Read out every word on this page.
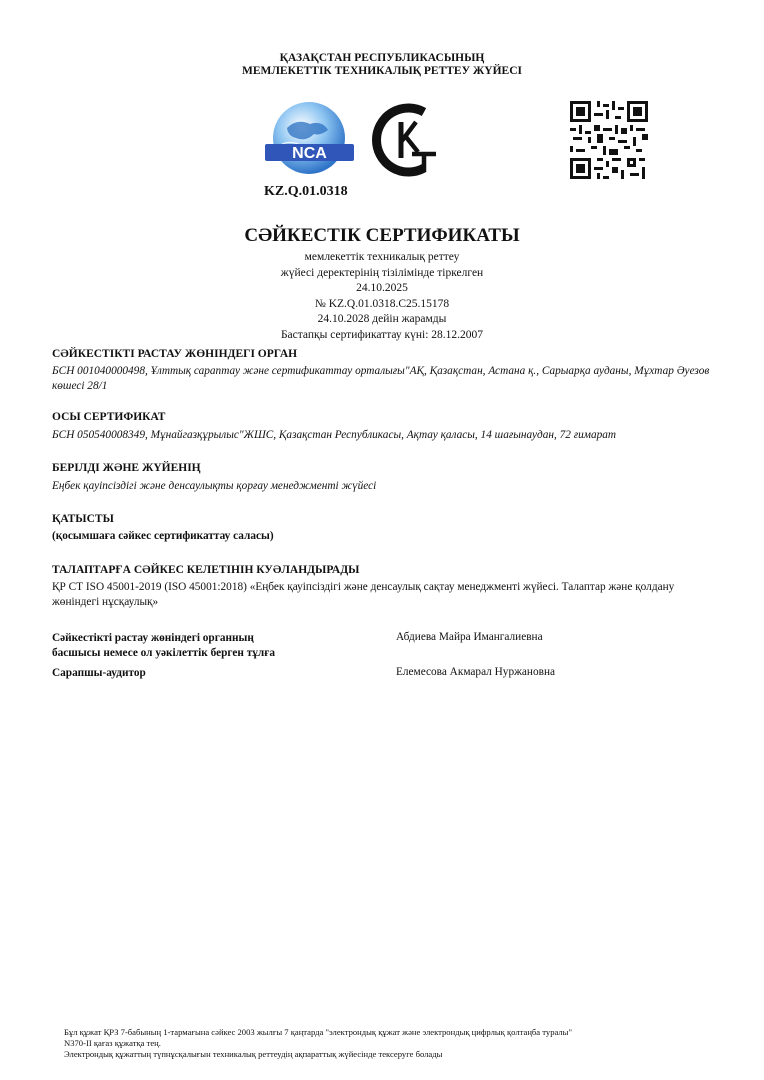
ҚАЗАҚСТАН РЕСПУБЛИКАСЫНЫҢ
МЕМЛЕКЕТТІК ТЕХНИКАЛЫҚ РЕТТЕУ ЖҮЙЕСІ
NCA
KZ.Q.01.0318
СӘЙКЕСТІК СЕРТИФИКАТЫ
мемлекеттік техникалық реттеу
жүйесі деректерінің тізілімінде тіркелген
24.10.2025
№ KZ.Q.01.0318.C25.15178
24.10.2028 дейін жарамды
Бастапқы сертификаттау күні: 28.12.2007
СӘЙКЕСТІКТІ РАСТАУ ЖӨНІНДЕГІ ОРГАН
БСН 001040000498, Ұлттық сараптау және сертификаттау орталығы"АҚ, Қазақстан, Астана қ., Сарыарқа ауданы, Мұхтар Әуезов көшесі 28/1
ОСЫ СЕРТИФИКАТ
БСН 050540008349, Мұнайгазқұрылыс"ЖШС, Қазақстан Республикасы, Ақтау қаласы, 14 шағынаудан, 72 ғимарат
БЕРІЛДІ ЖӘНЕ ЖҮЙЕНІҢ
Еңбек қауіпсіздігі және денсаулықты қорғау менеджменті жүйесі
ҚАТЫСТЫ
(қосымшаға сәйкес сертификаттау саласы)
ТАЛАПТАРҒА СӘЙКЕС КЕЛЕТІНІН КУӘЛАНДЫРАДЫ
ҚР СТ ISO 45001-2019 (ISO 45001:2018) «Еңбек қауіпсіздігі және денсаулық сақтау менеджменті жүйесі. Талаптар және қолдану жөніндегі нұсқаулық»
Сәйкестікті растау жөніндегі органның
басшысы немесе ол уәкілеттік берген тұлға
Абдиева Майра Имангалиевна
Сарапшы-аудитор	Елемесова Акмарал Нуржановна
Бұл құжат ҚРЗ 7-бабының 1-тармағына сәйкес 2003 жылғы 7 қаңтарда "электрондық құжат және электрондық цифрлық қолтаңба туралы"
N370-II қағаз құжатқа тең.
Электрондық құжаттың түпнұсқалығын техникалық реттеудің ақпараттық жүйесінде тексеруге болады
